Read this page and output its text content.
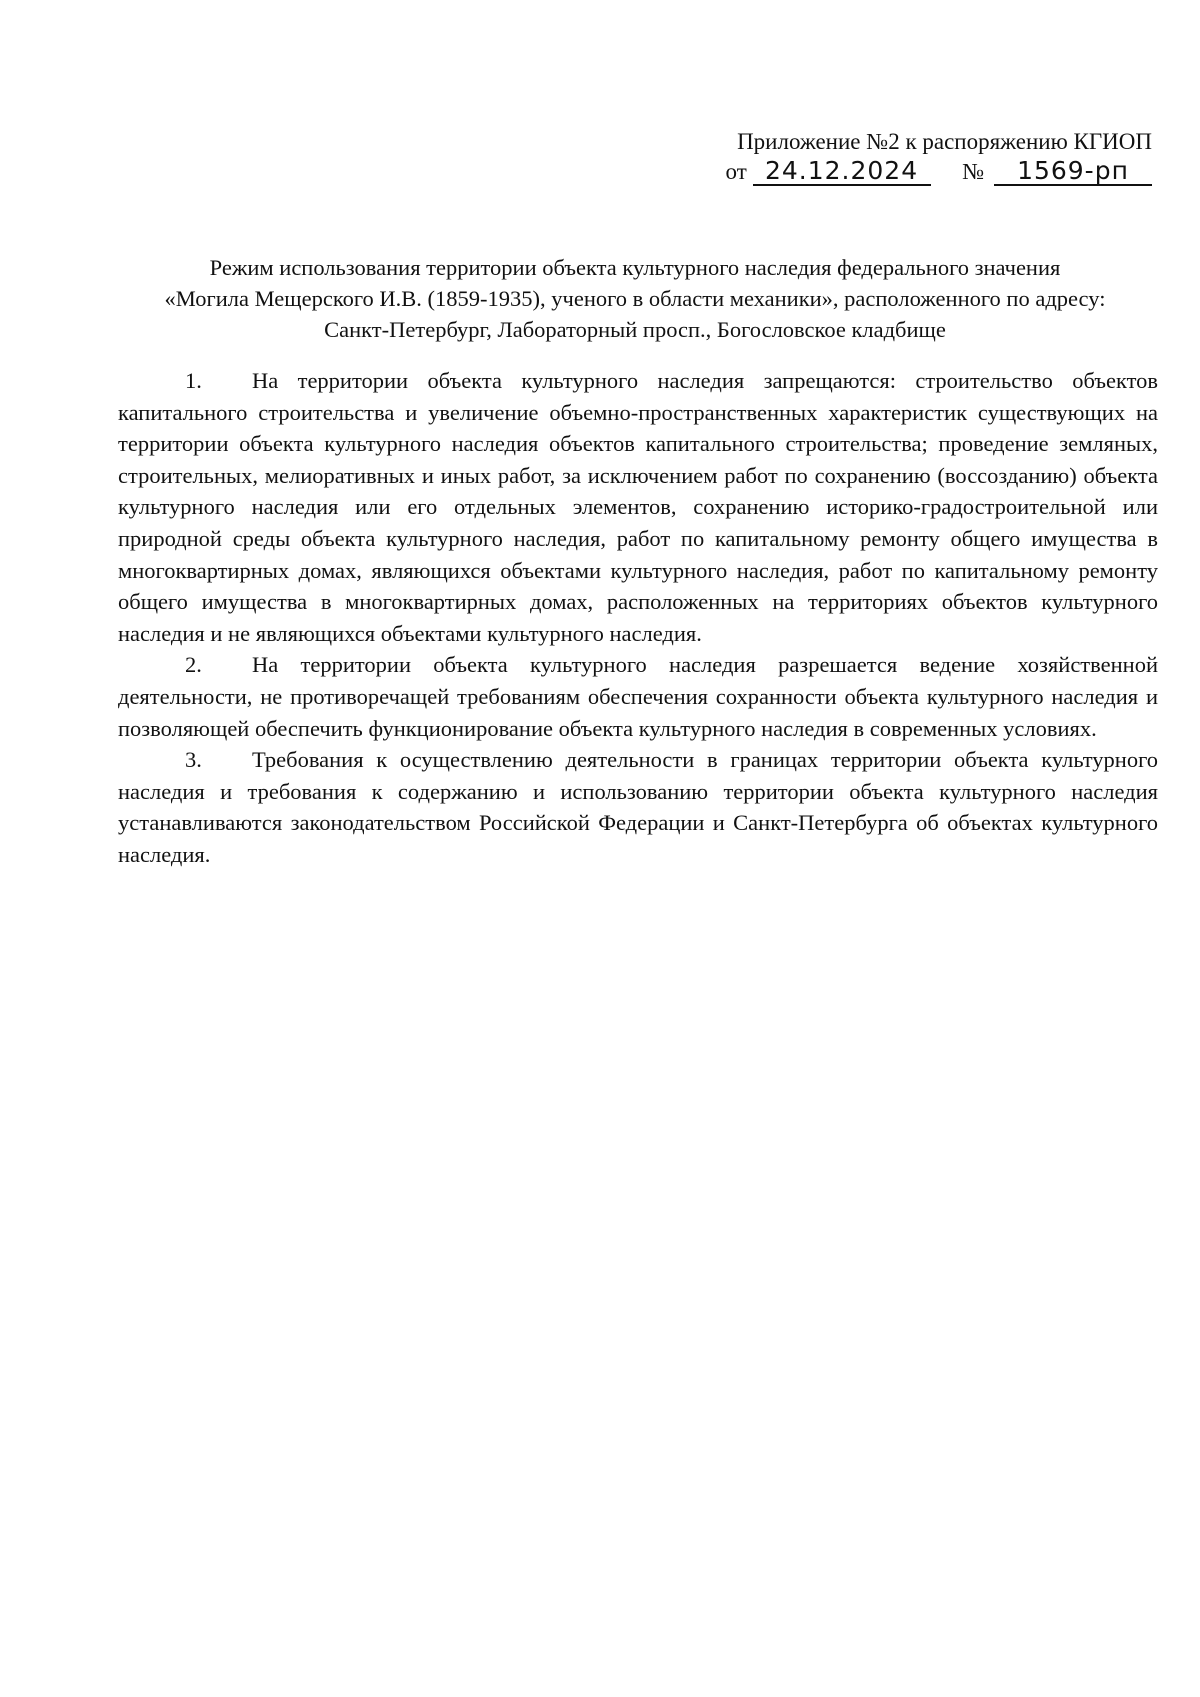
Приложение №2 к распоряжению КГИОП
от 24.12.2024 № 1569-рп
Режим использования территории объекта культурного наследия федерального значения
«Могила Мещерского И.В. (1859-1935), ученого в области механики», расположенного по адресу:
Санкт-Петербург, Лабораторный просп., Богословское кладбище

1. На территории объекта культурного наследия запрещаются: строительство объектов капитального строительства и увеличение объемно-пространственных характеристик существующих на территории объекта культурного наследия объектов капитального строительства; проведение земляных, строительных, мелиоративных и иных работ, за исключением работ по сохранению (воссозданию) объекта культурного наследия или его отдельных элементов, сохранению историко-градостроительной или природной среды объекта культурного наследия, работ по капитальному ремонту общего имущества в многоквартирных домах, являющихся объектами культурного наследия, работ по капитальному ремонту общего имущества в многоквартирных домах, расположенных на территориях объектов культурного наследия и не являющихся объектами культурного наследия.

2. На территории объекта культурного наследия разрешается ведение хозяйственной деятельности, не противоречащей требованиям обеспечения сохранности объекта культурного наследия и позволяющей обеспечить функционирование объекта культурного наследия в современных условиях.

3. Требования к осуществлению деятельности в границах территории объекта культурного наследия и требования к содержанию и использованию территории объекта культурного наследия устанавливаются законодательством Российской Федерации и Санкт-Петербурга об объектах культурного наследия.
